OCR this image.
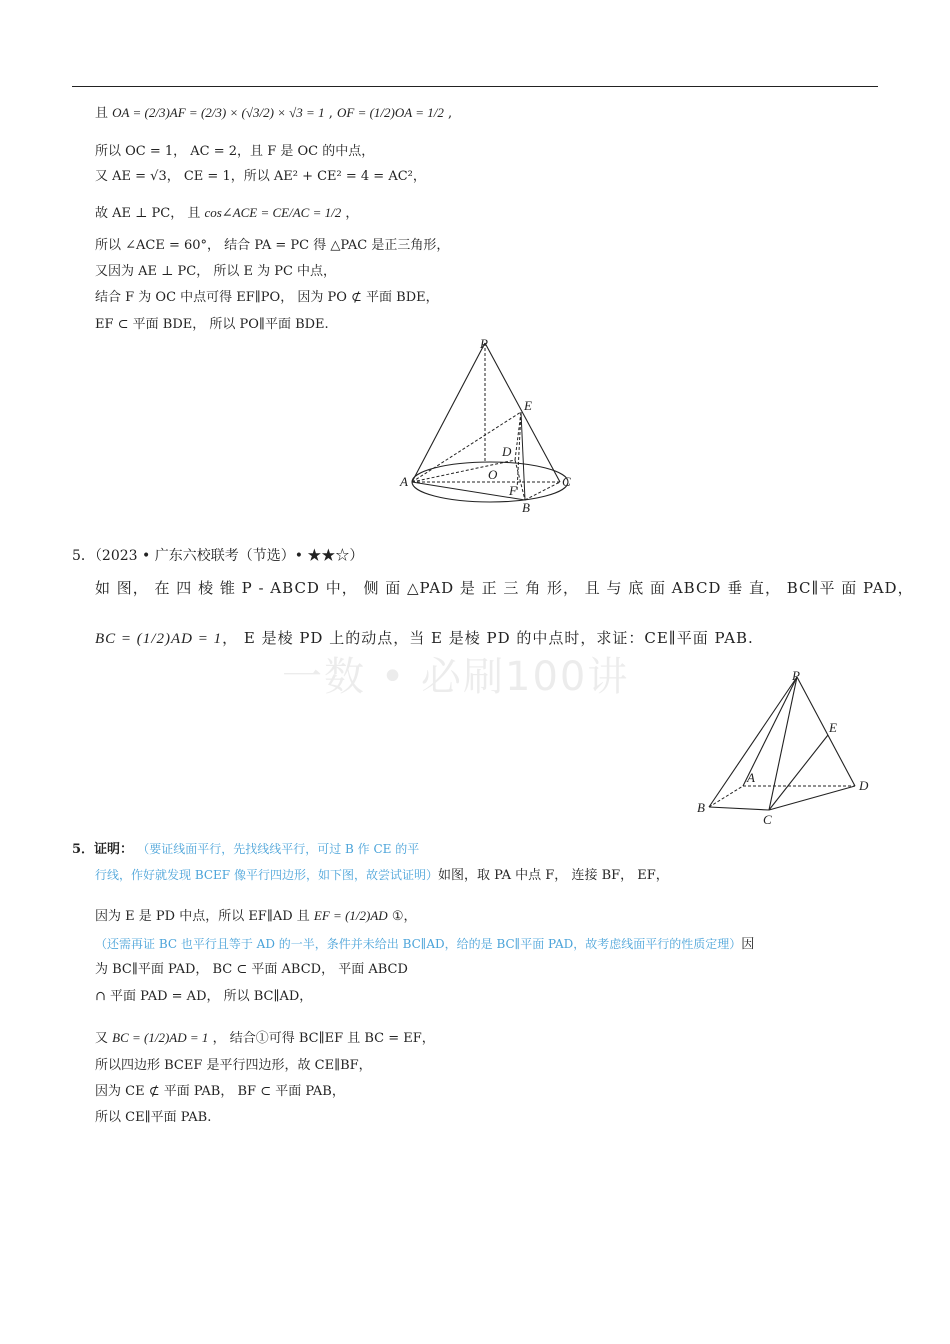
且 OA = (2/3)AF = (2/3) × (√3/2) × √3 = 1 , OF = (1/2)OA = 1/2 ,
所以 OC = 1， AC = 2，且 F 是 OC 的中点，
又 AE = √3， CE = 1，所以 AE² + CE² = 4 = AC²，
故 AE ⊥ PC， 且 cos∠ACE = CE/AC = 1/2 ，
所以 ∠ACE = 60°， 结合 PA = PC 得 △PAC 是正三角形，
又因为 AE ⊥ PC， 所以 E 为 PC 中点，
结合 F 为 OC 中点可得 EF∥PO， 因为 PO ⊄ 平面 BDE，
EF ⊂ 平面 BDE， 所以 PO∥平面 BDE.
P
E
D
O
A	C
F
B
5．（2023 • 广东六校联考（节选）• ★★☆）
如 图， 在 四 棱 锥 P - ABCD 中， 侧 面 △PAD 是 正 三 角 形， 且 与 底 面 ABCD 垂 直， BC∥平 面 PAD，
BC = (1/2)AD = 1， E 是棱 PD 上的动点，当 E 是棱 PD 的中点时，求证：CE∥平面 PAB.
一数 • 必刷100讲	P
E
A
D
B
C
5．证明： （要证线面平行，先找线线平行，可过 B 作 CE 的平
行线，作好就发现 BCEF 像平行四边形，如下图，故尝试证明）如图，取 PA 中点 F， 连接 BF， EF，
因为 E 是 PD 中点，所以 EF∥AD 且 EF = (1/2)AD ①，
（还需再证 BC 也平行且等于 AD 的一半，条件并未给出 BC∥AD，给的是 BC∥平面 PAD，故考虑线面平行的性质定理）因
为 BC∥平面 PAD， BC ⊂ 平面 ABCD， 平面 ABCD
∩ 平面 PAD = AD， 所以 BC∥AD，
又 BC = (1/2)AD = 1 ， 结合①可得 BC∥EF 且 BC = EF，
所以四边形 BCEF 是平行四边形，故 CE∥BF，
因为 CE ⊄ 平面 PAB， BF ⊂ 平面 PAB，
所以 CE∥平面 PAB.
